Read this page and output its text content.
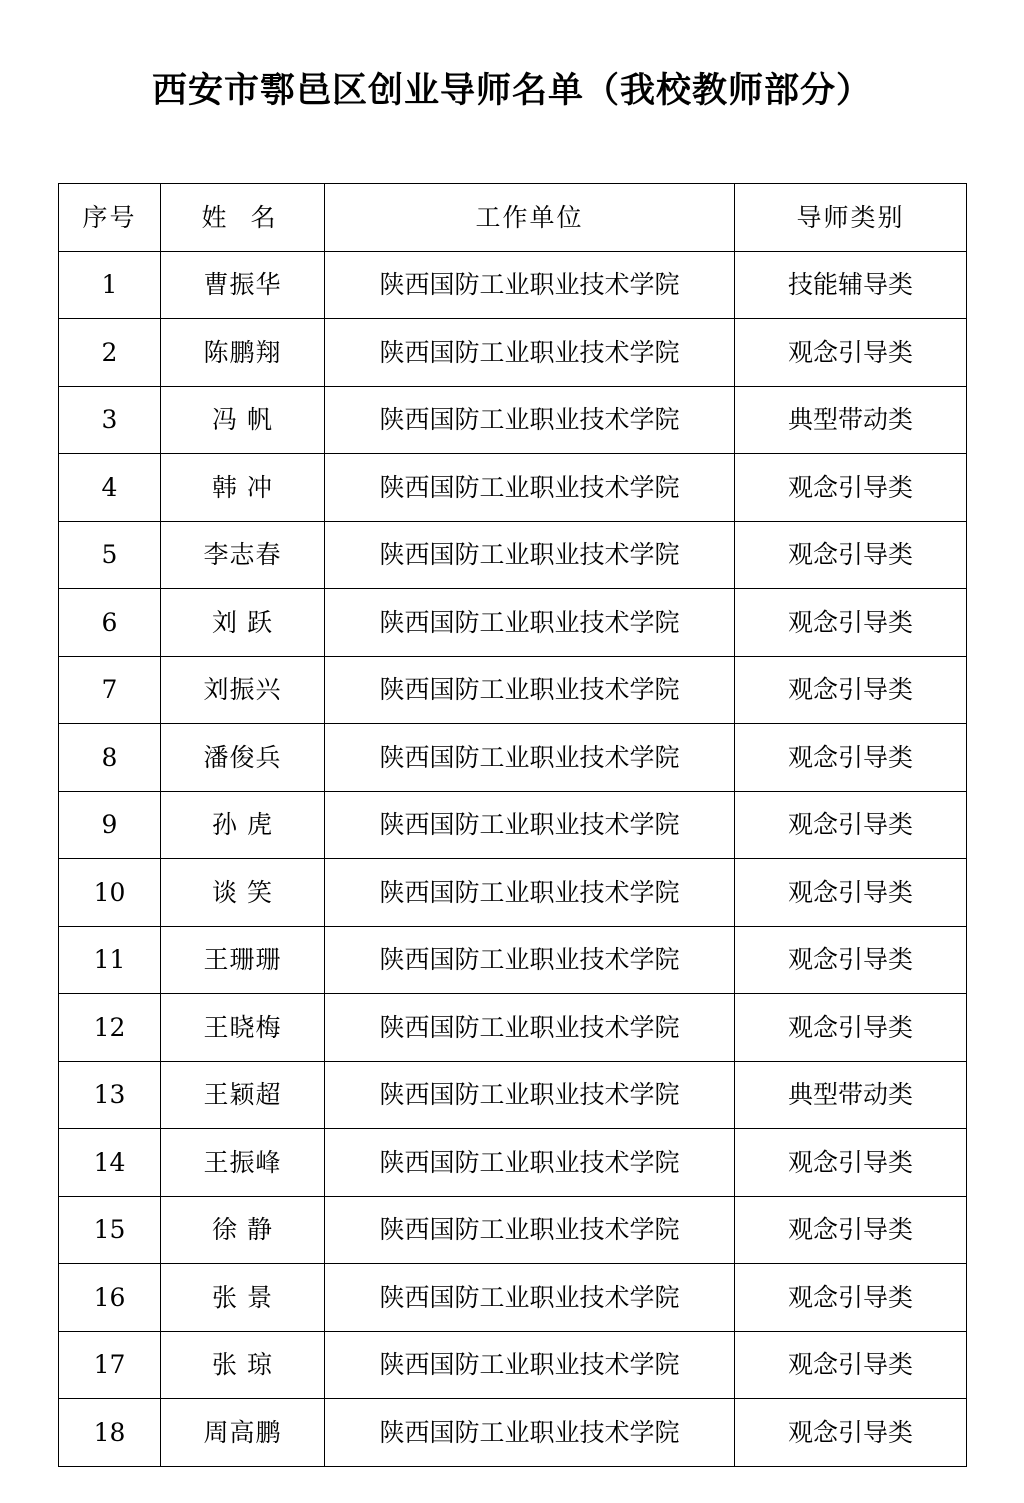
西安市鄠邑区创业导师名单（我校教师部分）
序号	姓 名	工作单位	导师类别
1	曹振华	陕西国防工业职业技术学院	技能辅导类
2	陈鹏翔	陕西国防工业职业技术学院	观念引导类
3	冯 帆	陕西国防工业职业技术学院	典型带动类
4	韩 冲	陕西国防工业职业技术学院	观念引导类
5	李志春	陕西国防工业职业技术学院	观念引导类
6	刘 跃	陕西国防工业职业技术学院	观念引导类
7	刘振兴	陕西国防工业职业技术学院	观念引导类
8	潘俊兵	陕西国防工业职业技术学院	观念引导类
9	孙 虎	陕西国防工业职业技术学院	观念引导类
10	谈 笑	陕西国防工业职业技术学院	观念引导类
11	王珊珊	陕西国防工业职业技术学院	观念引导类
12	王晓梅	陕西国防工业职业技术学院	观念引导类
13	王颖超	陕西国防工业职业技术学院	典型带动类
14	王振峰	陕西国防工业职业技术学院	观念引导类
15	徐 静	陕西国防工业职业技术学院	观念引导类
16	张 景	陕西国防工业职业技术学院	观念引导类
17	张 琼	陕西国防工业职业技术学院	观念引导类
18	周高鹏	陕西国防工业职业技术学院	观念引导类
